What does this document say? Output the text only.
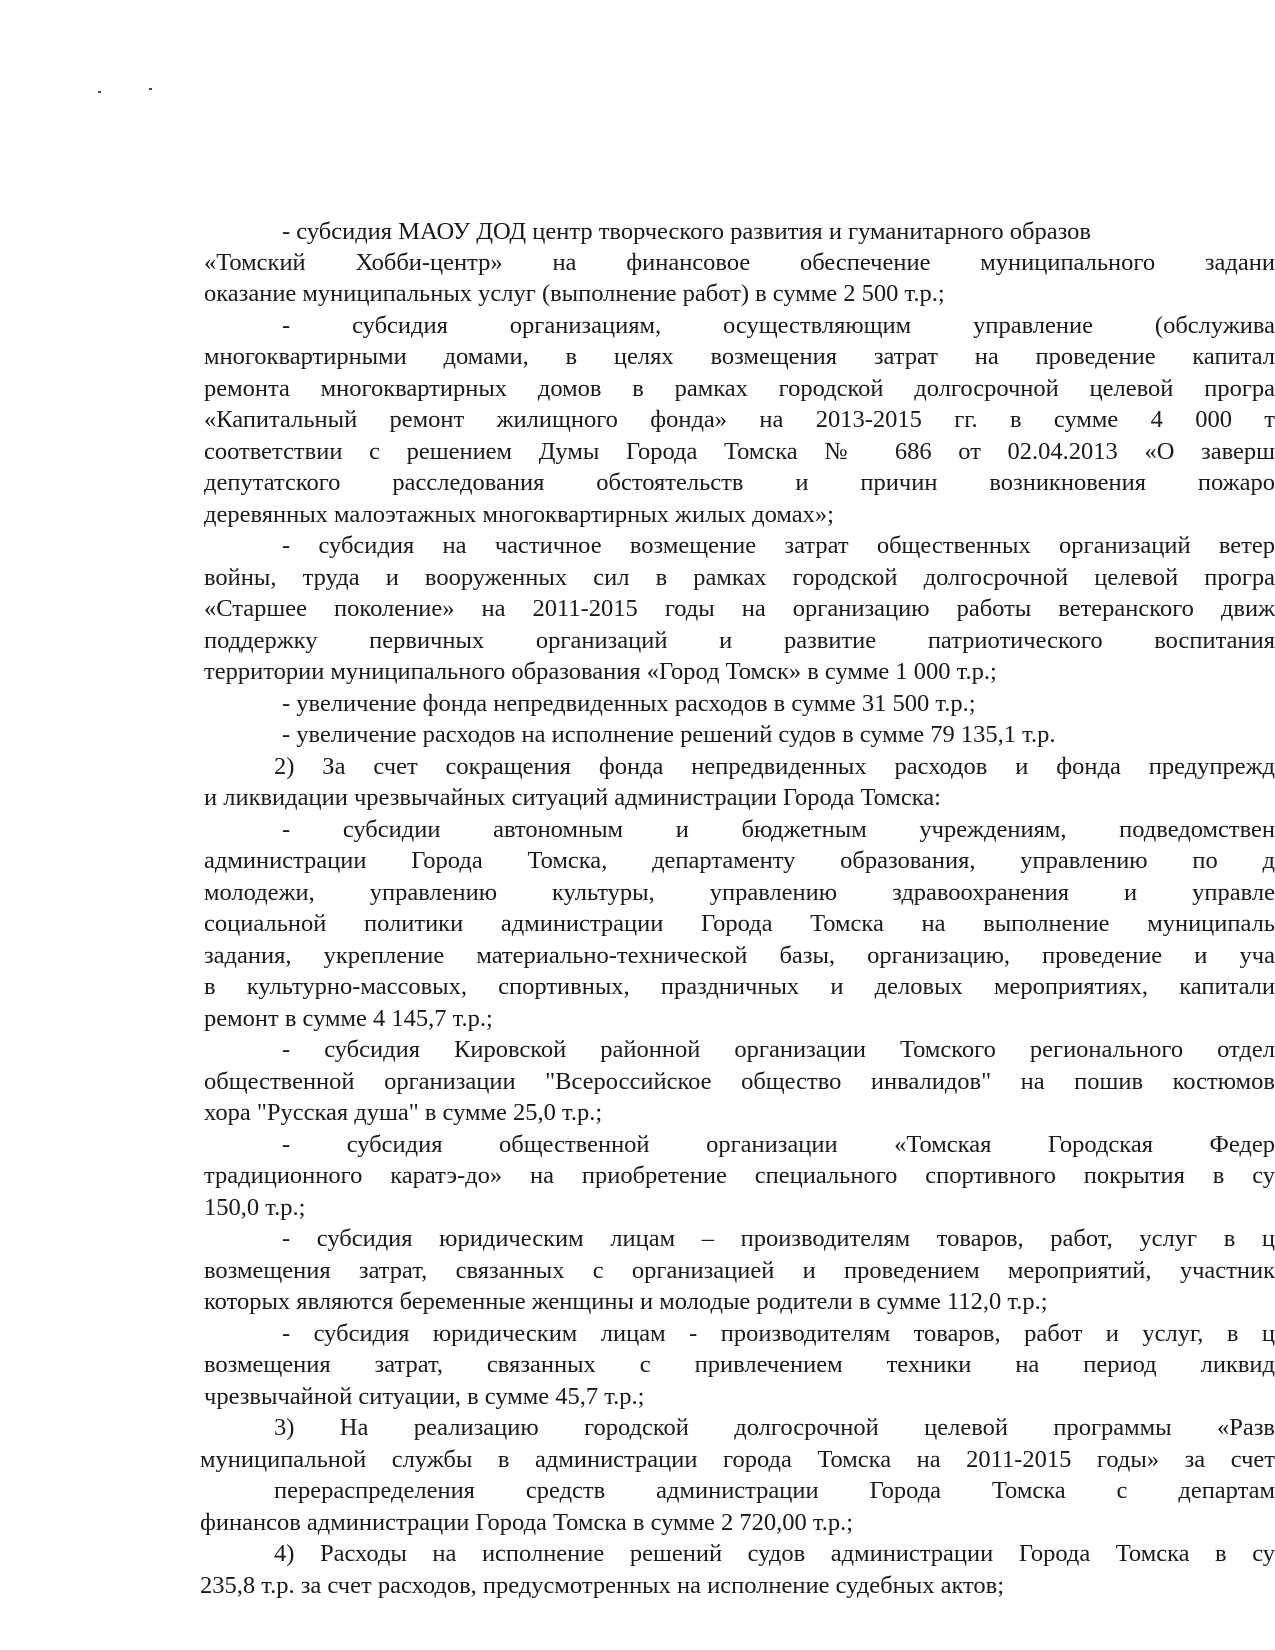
- субсидия МАОУ ДОД центр творческого развития и гуманитарного образов
«Томский Хобби-центр» на финансовое обеспечение муниципального задани
оказание муниципальных услуг (выполнение работ) в сумме 2 500 т.р.;
- субсидия организациям, осуществляющим управление (обслужива
многоквартирными домами, в целях возмещения затрат на проведение капитал
ремонта многоквартирных домов в рамках городской долгосрочной целевой програ
«Капитальный ремонт жилищного фонда» на 2013-2015 гг. в сумме 4 000 т
соответствии с решением Думы Города Томска № 686 от 02.04.2013 «О заверш
депутатского расследования обстоятельств и причин возникновения пожаро
деревянных малоэтажных многоквартирных жилых домах»;
- субсидия на частичное возмещение затрат общественных организаций ветер
войны, труда и вооруженных сил в рамках городской долгосрочной целевой програ
«Старшее поколение» на 2011-2015 годы на организацию работы ветеранского движ
поддержку первичных организаций и развитие патриотического воспитания
территории муниципального образования «Город Томск» в сумме 1 000 т.р.;
- увеличение фонда непредвиденных расходов в сумме 31 500 т.р.;
- увеличение расходов на исполнение решений судов в сумме 79 135,1 т.р.
2) За счет сокращения фонда непредвиденных расходов и фонда предупрежд
и ликвидации чрезвычайных ситуаций администрации Города Томска:
- субсидии автономным и бюджетным учреждениям, подведомствен
администрации Города Томска, департаменту образования, управлению по д
молодежи, управлению культуры, управлению здравоохранения и управле
социальной политики администрации Города Томска на выполнение муниципаль
задания, укрепление материально-технической базы, организацию, проведение и уча
в культурно-массовых, спортивных, праздничных и деловых мероприятиях, капитали
ремонт в сумме 4 145,7 т.р.;
- субсидия Кировской районной организации Томского регионального отдел
общественной организации "Всероссийское общество инвалидов" на пошив костюмов
хора "Русская душа" в сумме 25,0 т.р.;
- субсидия общественной организации «Томская Городская Федер
традиционного каратэ-до» на приобретение специального спортивного покрытия в су
150,0 т.р.;
- субсидия юридическим лицам – производителям товаров, работ, услуг в ц
возмещения затрат, связанных с организацией и проведением мероприятий, участник
которых являются беременные женщины и молодые родители в сумме 112,0 т.р.;
- субсидия юридическим лицам - производителям товаров, работ и услуг, в ц
возмещения затрат, связанных с привлечением техники на период ликвид
чрезвычайной ситуации, в сумме 45,7 т.р.;
3) На реализацию городской долгосрочной целевой программы «Разв
муниципальной службы в администрации города Томска на 2011-2015 годы» за счет
перераспределения средств администрации Города Томска с департам
финансов администрации Города Томска в сумме 2 720,00 т.р.;
4) Расходы на исполнение решений судов администрации Города Томска в су
235,8 т.р. за счет расходов, предусмотренных на исполнение судебных актов;
